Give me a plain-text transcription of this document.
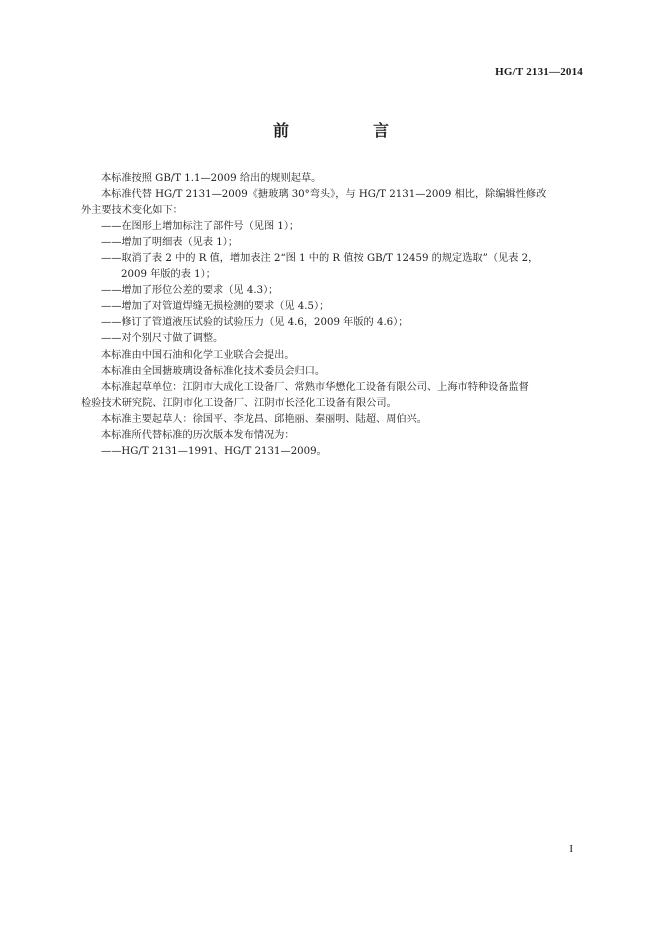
HG/T 2131—2014
前　言

本标准按照 GB/T 1.1—2009 给出的规则起草。

本标准代替 HG/T 2131—2009《搪玻璃 30°弯头》，与 HG/T 2131—2009 相比，除编辑性修改

外主要技术变化如下：

——在图形上增加标注了部件号（见图 1）；

——增加了明细表（见表 1）；

——取消了表 2 中的 R 值，增加表注 2“图 1 中的 R 值按 GB/T 12459 的规定选取”（见表 2，

2009 年版的表 1）；

——增加了形位公差的要求（见 4.3）；

——增加了对管道焊缝无损检测的要求（见 4.5）；

——修订了管道液压试验的试验压力（见 4.6，2009 年版的 4.6）；

——对个别尺寸做了调整。

本标准由中国石油和化学工业联合会提出。

本标准由全国搪玻璃设备标准化技术委员会归口。

本标准起草单位：江阴市大成化工设备厂、常熟市华懋化工设备有限公司、上海市特种设备监督

检验技术研究院、江阴市化工设备厂、江阴市长泾化工设备有限公司。

本标准主要起草人：徐国平、李龙昌、邱艳丽、秦丽明、陆超、周伯兴。

本标准所代替标准的历次版本发布情况为：

——HG/T 2131—1991、HG/T 2131—2009。

I
